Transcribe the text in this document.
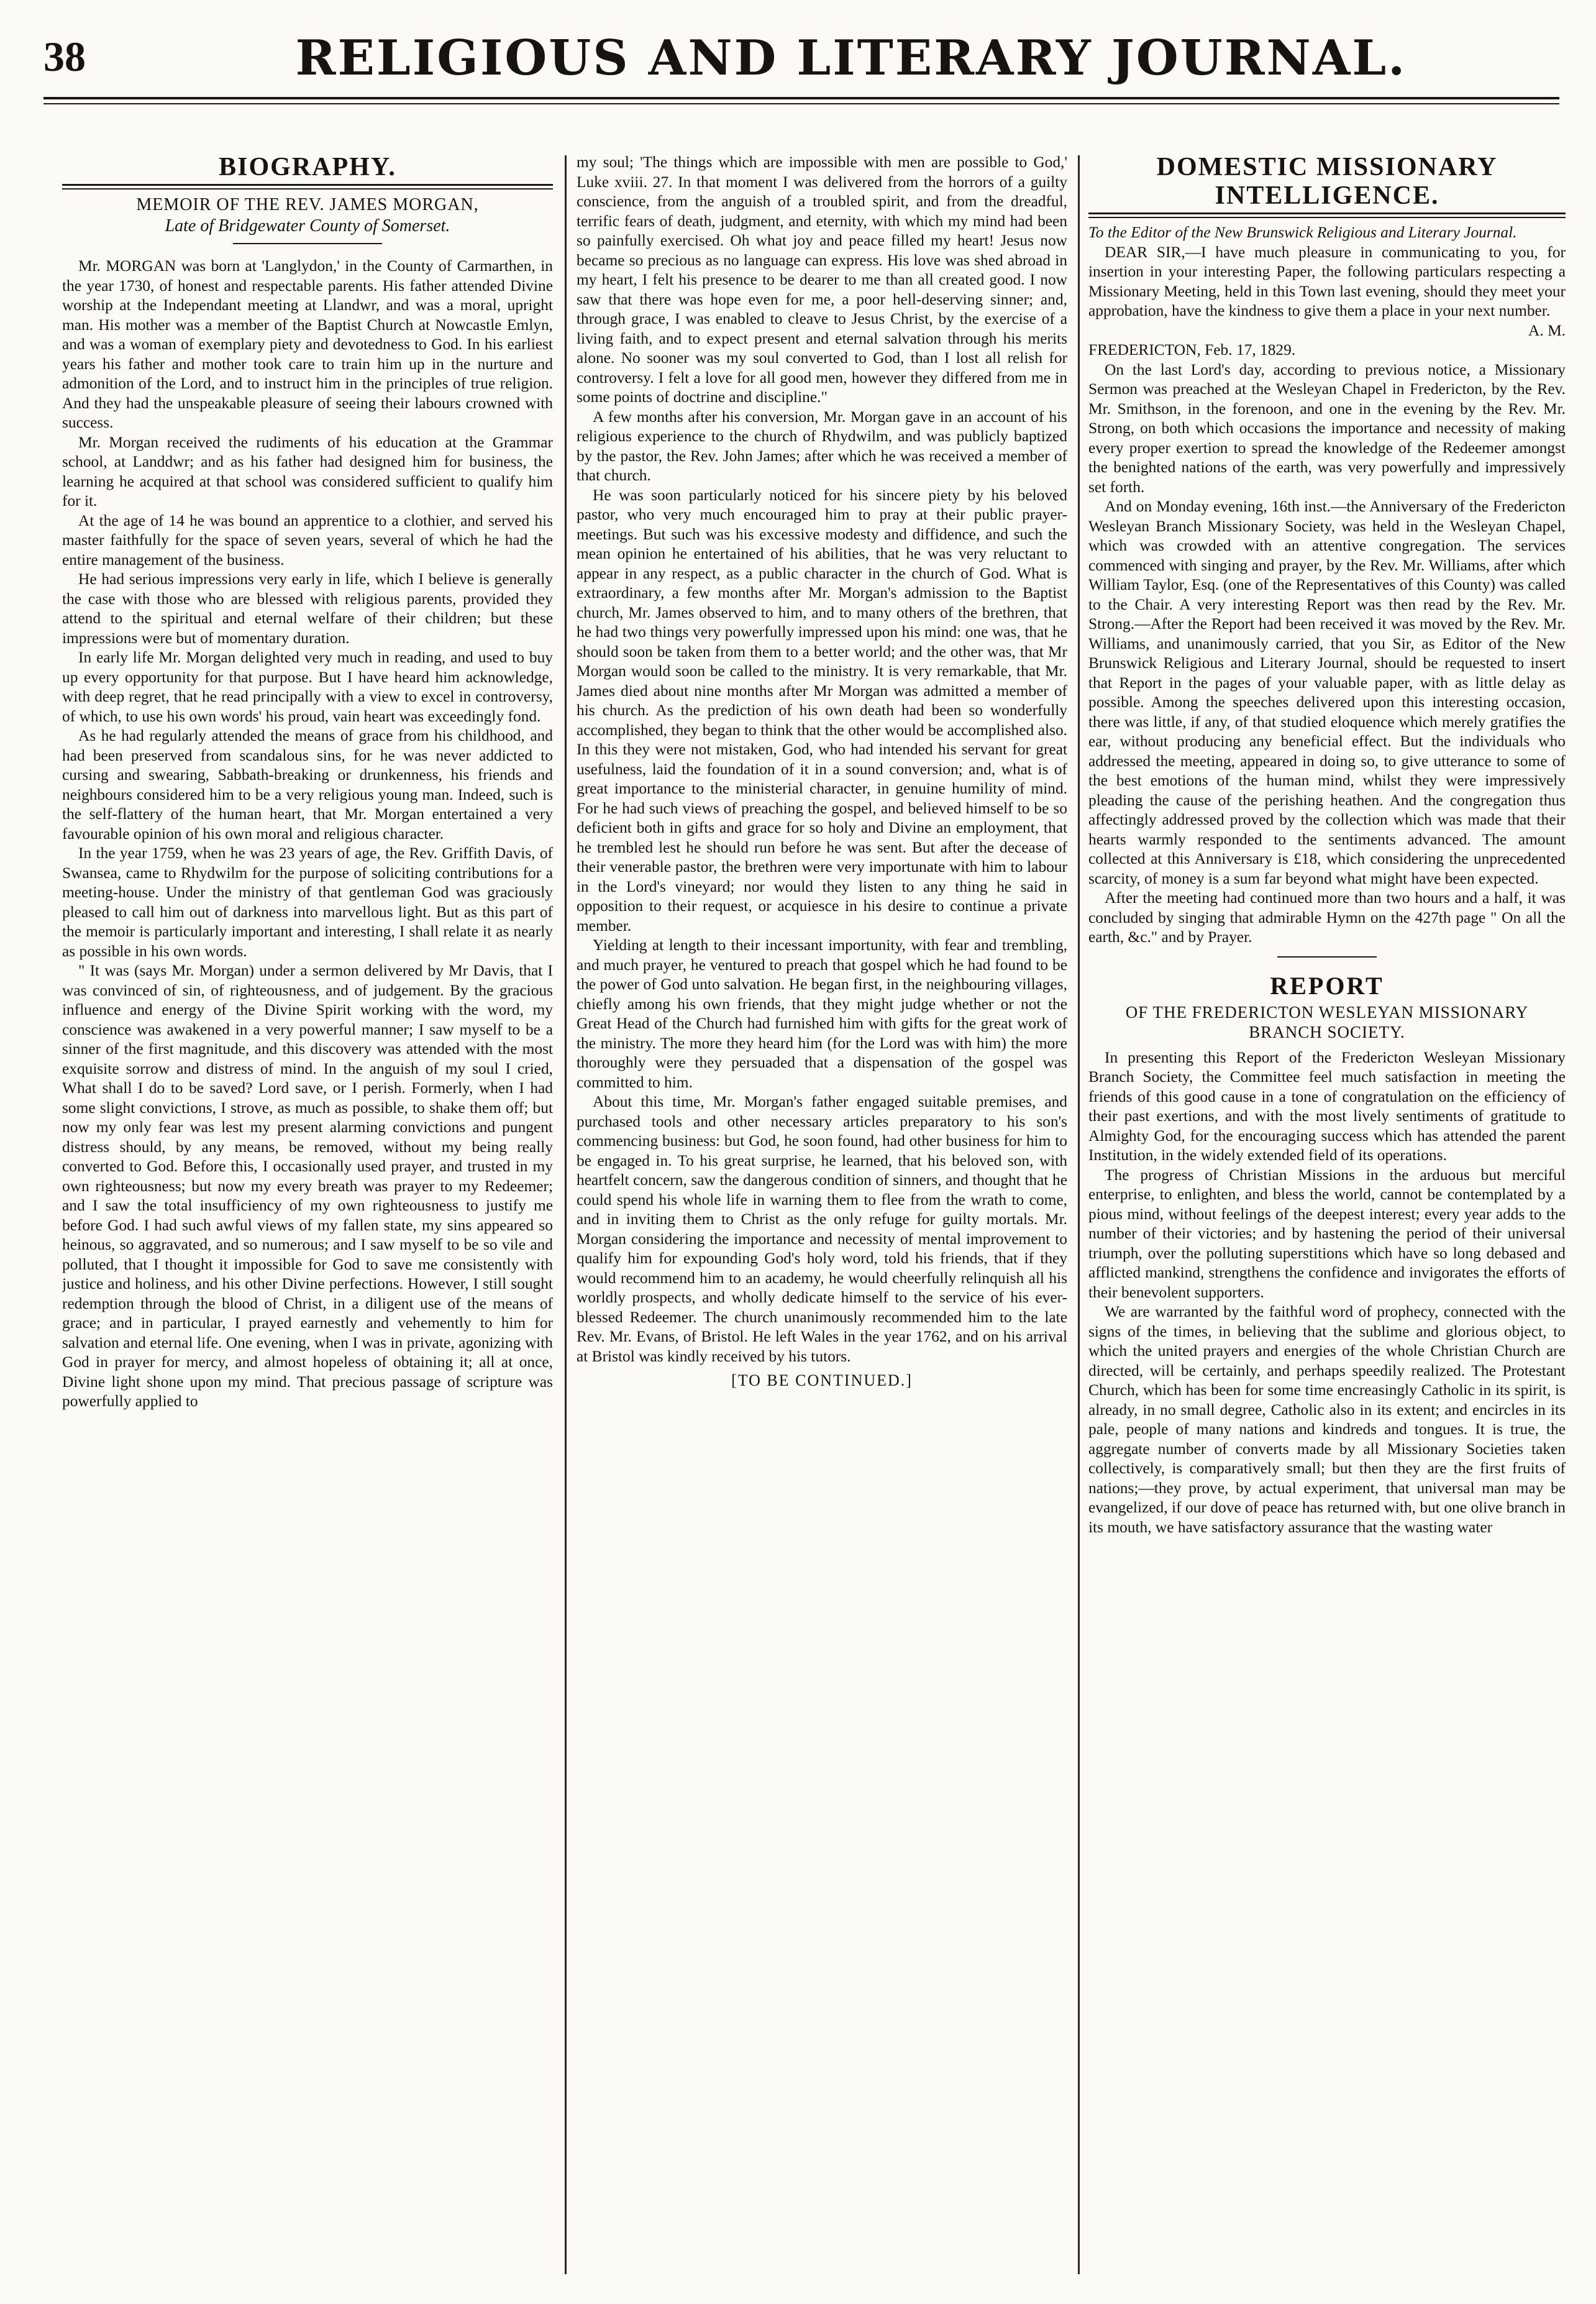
38	RELIGIOUS AND LITERARY JOURNAL.
BIOGRAPHY.
MEMOIR OF THE REV. JAMES MORGAN,
Late of Bridgewater County of Somerset.

Mr. MORGAN was born at 'Langlydon,' in the County of Carmarthen, in the year 1730, of honest and respectable parents. His father attended Divine worship at the Independant meeting at Llandwr, and was a moral, upright man. His mother was a member of the Baptist Church at Nowcastle Emlyn, and was a woman of exemplary piety and devotedness to God. In his earliest years his father and mother took care to train him up in the nurture and admonition of the Lord, and to instruct him in the principles of true religion. And they had the unspeakable pleasure of seeing their labours crowned with success.

Mr. Morgan received the rudiments of his education at the Grammar school, at Landdwr; and as his father had designed him for business, the learning he acquired at that school was considered sufficient to qualify him for it.

At the age of 14 he was bound an apprentice to a clothier, and served his master faithfully for the space of seven years, several of which he had the entire management of the business.

He had serious impressions very early in life, which I believe is generally the case with those who are blessed with religious parents, provided they attend to the spiritual and eternal welfare of their children; but these impressions were but of momentary duration.

In early life Mr. Morgan delighted very much in reading, and used to buy up every opportunity for that purpose. But I have heard him acknowledge, with deep regret, that he read principally with a view to excel in controversy, of which, to use his own words' his proud, vain heart was exceedingly fond.

As he had regularly attended the means of grace from his childhood, and had been preserved from scandalous sins, for he was never addicted to cursing and swearing, Sabbath-breaking or drunkenness, his friends and neighbours considered him to be a very religious young man. Indeed, such is the self-flattery of the human heart, that Mr. Morgan entertained a very favourable opinion of his own moral and religious character.

In the year 1759, when he was 23 years of age, the Rev. Griffith Davis, of Swansea, came to Rhydwilm for the purpose of soliciting contributions for a meeting-house. Under the ministry of that gentleman God was graciously pleased to call him out of darkness into marvellous light. But as this part of the memoir is particularly important and interesting, I shall relate it as nearly as possible in his own words.

" It was (says Mr. Morgan) under a sermon delivered by Mr Davis, that I was convinced of sin, of righteousness, and of judgement. By the gracious influence and energy of the Divine Spirit working with the word, my conscience was awakened in a very powerful manner; I saw myself to be a sinner of the first magnitude, and this discovery was attended with the most exquisite sorrow and distress of mind. In the anguish of my soul I cried, What shall I do to be saved? Lord save, or I perish. Formerly, when I had some slight convictions, I strove, as much as possible, to shake them off; but now my only fear was lest my present alarming convictions and pungent distress should, by any means, be removed, without my being really converted to God. Before this, I occasionally used prayer, and trusted in my own righteousness; but now my every breath was prayer to my Redeemer; and I saw the total insufficiency of my own righteousness to justify me before God. I had such awful views of my fallen state, my sins appeared so heinous, so aggravated, and so numerous; and I saw myself to be so vile and polluted, that I thought it impossible for God to save me consistently with justice and holiness, and his other Divine perfections. However, I still sought redemption through the blood of Christ, in a diligent use of the means of grace; and in particular, I prayed earnestly and vehemently to him for salvation and eternal life. One evening, when I was in private, agonizing with God in prayer for mercy, and almost hopeless of obtaining it; all at once, Divine light shone upon my mind. That precious passage of scripture was powerfully applied to

my soul; 'The things which are impossible with men are possible to God,' Luke xviii. 27. In that moment I was delivered from the horrors of a guilty conscience, from the anguish of a troubled spirit, and from the dreadful, terrific fears of death, judgment, and eternity, with which my mind had been so painfully exercised. Oh what joy and peace filled my heart! Jesus now became so precious as no language can express. His love was shed abroad in my heart, I felt his presence to be dearer to me than all created good. I now saw that there was hope even for me, a poor hell-deserving sinner; and, through grace, I was enabled to cleave to Jesus Christ, by the exercise of a living faith, and to expect present and eternal salvation through his merits alone. No sooner was my soul converted to God, than I lost all relish for controversy. I felt a love for all good men, however they differed from me in some points of doctrine and discipline."

A few months after his conversion, Mr. Morgan gave in an account of his religious experience to the church of Rhydwilm, and was publicly baptized by the pastor, the Rev. John James; after which he was received a member of that church.

He was soon particularly noticed for his sincere piety by his beloved pastor, who very much encouraged him to pray at their public prayer-meetings. But such was his excessive modesty and diffidence, and such the mean opinion he entertained of his abilities, that he was very reluctant to appear in any respect, as a public character in the church of God. What is extraordinary, a few months after Mr. Morgan's admission to the Baptist church, Mr. James observed to him, and to many others of the brethren, that he had two things very powerfully impressed upon his mind: one was, that he should soon be taken from them to a better world; and the other was, that Mr Morgan would soon be called to the ministry. It is very remarkable, that Mr. James died about nine months after Mr Morgan was admitted a member of his church. As the prediction of his own death had been so wonderfully accomplished, they began to think that the other would be accomplished also. In this they were not mistaken, God, who had intended his servant for great usefulness, laid the foundation of it in a sound conversion; and, what is of great importance to the ministerial character, in genuine humility of mind. For he had such views of preaching the gospel, and believed himself to be so deficient both in gifts and grace for so holy and Divine an employment, that he trembled lest he should run before he was sent. But after the decease of their venerable pastor, the brethren were very importunate with him to labour in the Lord's vineyard; nor would they listen to any thing he said in opposition to their request, or acquiesce in his desire to continue a private member.

Yielding at length to their incessant importunity, with fear and trembling, and much prayer, he ventured to preach that gospel which he had found to be the power of God unto salvation. He began first, in the neighbouring villages, chiefly among his own friends, that they might judge whether or not the Great Head of the Church had furnished him with gifts for the great work of the ministry. The more they heard him (for the Lord was with him) the more thoroughly were they persuaded that a dispensation of the gospel was committed to him.

About this time, Mr. Morgan's father engaged suitable premises, and purchased tools and other necessary articles preparatory to his son's commencing business: but God, he soon found, had other business for him to be engaged in. To his great surprise, he learned, that his beloved son, with heartfelt concern, saw the dangerous condition of sinners, and thought that he could spend his whole life in warning them to flee from the wrath to come, and in inviting them to Christ as the only refuge for guilty mortals. Mr. Morgan considering the importance and necessity of mental improvement to qualify him for expounding God's holy word, told his friends, that if they would recommend him to an academy, he would cheerfully relinquish all his worldly prospects, and wholly dedicate himself to the service of his ever-blessed Redeemer. The church unanimously recommended him to the late Rev. Mr. Evans, of Bristol. He left Wales in the year 1762, and on his arrival at Bristol was kindly received by his tutors.

[TO BE CONTINUED.]

DOMESTIC MISSIONARY
INTELLIGENCE.

To the Editor of the New Brunswick Religious and Literary Journal.

DEAR SIR,—I have much pleasure in communicating to you, for insertion in your interesting Paper, the following particulars respecting a Missionary Meeting, held in this Town last evening, should they meet your approbation, have the kindness to give them a place in your next number.

A. M.

FREDERICTON, Feb. 17, 1829.

On the last Lord's day, according to previous notice, a Missionary Sermon was preached at the Wesleyan Chapel in Fredericton, by the Rev. Mr. Smithson, in the forenoon, and one in the evening by the Rev. Mr. Strong, on both which occasions the importance and necessity of making every proper exertion to spread the knowledge of the Redeemer amongst the benighted nations of the earth, was very powerfully and impressively set forth.

And on Monday evening, 16th inst.—the Anniversary of the Fredericton Wesleyan Branch Missionary Society, was held in the Wesleyan Chapel, which was crowded with an attentive congregation. The services commenced with singing and prayer, by the Rev. Mr. Williams, after which William Taylor, Esq. (one of the Representatives of this County) was called to the Chair. A very interesting Report was then read by the Rev. Mr. Strong.—After the Report had been received it was moved by the Rev. Mr. Williams, and unanimously carried, that you Sir, as Editor of the New Brunswick Religious and Literary Journal, should be requested to insert that Report in the pages of your valuable paper, with as little delay as possible. Among the speeches delivered upon this interesting occasion, there was little, if any, of that studied eloquence which merely gratifies the ear, without producing any beneficial effect. But the individuals who addressed the meeting, appeared in doing so, to give utterance to some of the best emotions of the human mind, whilst they were impressively pleading the cause of the perishing heathen. And the congregation thus affectingly addressed proved by the collection which was made that their hearts warmly responded to the sentiments advanced. The amount collected at this Anniversary is £18, which considering the unprecedented scarcity, of money is a sum far beyond what might have been expected.

After the meeting had continued more than two hours and a half, it was concluded by singing that admirable Hymn on the 427th page " On all the earth, &c." and by Prayer.

REPORT

OF THE FREDERICTON WESLEYAN MISSIONARY BRANCH SOCIETY.

In presenting this Report of the Fredericton Wesleyan Missionary Branch Society, the Committee feel much satisfaction in meeting the friends of this good cause in a tone of congratulation on the efficiency of their past exertions, and with the most lively sentiments of gratitude to Almighty God, for the encouraging success which has attended the parent Institution, in the widely extended field of its operations.

The progress of Christian Missions in the arduous but merciful enterprise, to enlighten, and bless the world, cannot be contemplated by a pious mind, without feelings of the deepest interest; every year adds to the number of their victories; and by hastening the period of their universal triumph, over the polluting superstitions which have so long debased and afflicted mankind, strengthens the confidence and invigorates the efforts of their benevolent supporters.

We are warranted by the faithful word of prophecy, connected with the signs of the times, in believing that the sublime and glorious object, to which the united prayers and energies of the whole Christian Church are directed, will be certainly, and perhaps speedily realized. The Protestant Church, which has been for some time encreasingly Catholic in its spirit, is already, in no small degree, Catholic also in its extent; and encircles in its pale, people of many nations and kindreds and tongues. It is true, the aggregate number of converts made by all Missionary Societies taken collectively, is comparatively small; but then they are the first fruits of nations;—they prove, by actual experiment, that universal man may be evangelized, if our dove of peace has returned with, but one olive branch in its mouth, we have satisfactory assurance that the wasting water
